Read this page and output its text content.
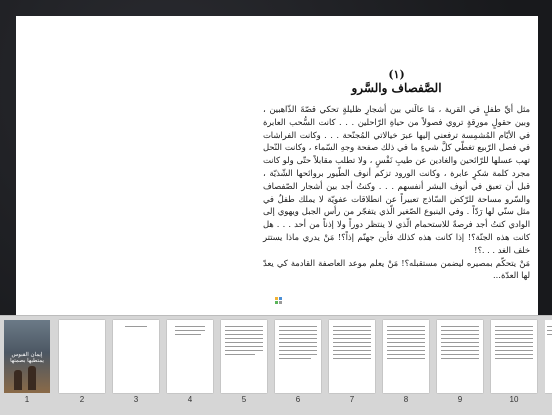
(١)
الصَّفصاف والسَّرو

مثل أيِّ طفلٍ في القرية ، مَا عالَني بين أشجارِ ظليلةٍ تحكي قصّةَ الذّاهبين ، وبين حقولٍ مورِقةٍ تروي فصولاً من حياةِ الرّاحلين . . . كانت السُّحب العابرة في الأيّام المُشمِسة ترفعني إليها عبرَ خيالاتي المُجنّحة . . . وكانت الفراشات في فصل الرّبيع تغطّي كلَّ شيءٍ ما في ذلك صفحة وجهِ السّماء ، وكانت النّحل تهب عسلها للرّائحين والغادين عن طيبِ نَفْسٍ ، ولا تطلب مقابلاً حتّى ولو كانت مجرد كلمة شكرٍ عابرة ، وكانت الورود تزكم أنوف الطّيور بروائحها الشّذيّة ، قبل أن تعبق في أنوف البشر أنفسهم . . . وكنتُ أجد بين أشجار الصّفصاف والسّرو مساحة للرّكض السّاذج تعبيراً عن انطلاقات عفويّة لا يملك طفلٌ في مثل سنّي لها رَدّاً . وفي الينبوع الصّغير الّذي يتفجّر من رأس الجبل ويهوي إلى الوادي كنتُ أجد فرصةً للاستحمام الّذي لا ينتظر دوراً ولا إذناً من أحد . . . هل كانت هذه الجنّة؟! إذا كانت هذه كذلك فأين جهنّم إذاً؟! مَنْ يدري ماذا يستتر خلف الغد . . .؟!

مَنْ يتحكّم بمصيره ليضمن مستقبله؟! مَنْ يعلم موعد العاصفة القادمة كي يعدّ لها العدّة...

إيمان القبوس يمتطيها بصمتها
1	2	3	4	5	6	7	8	9	10
